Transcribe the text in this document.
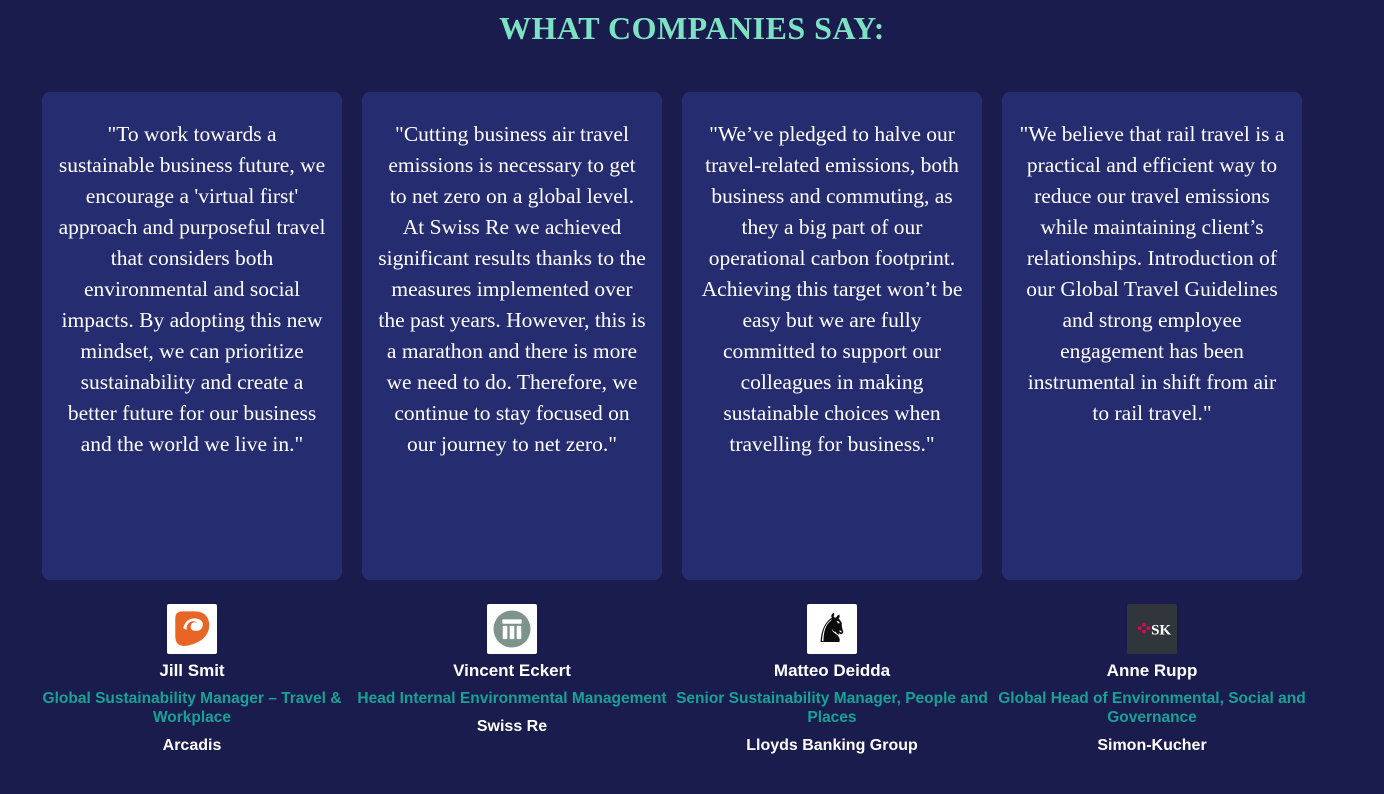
WHAT COMPANIES SAY:

"To work towards a sustainable business future, we encourage a 'virtual first' approach and purposeful travel that considers both environmental and social impacts. By adopting this new mindset, we can prioritize sustainability and create a better future for our business and the world we live in."

"Cutting business air travel emissions is necessary to get to net zero on a global level. At Swiss Re we achieved significant results thanks to the measures implemented over the past years. However, this is a marathon and there is more we need to do. Therefore, we continue to stay focused on our journey to net zero."

"We’ve pledged to halve our travel-related emissions, both business and commuting, as they a big part of our operational carbon footprint. Achieving this target won’t be easy but we are fully committed to support our colleagues in making sustainable choices when travelling for business."

"We believe that rail travel is a practical and efficient way to reduce our travel emissions while maintaining client’s relationships. Introduction of our Global Travel Guidelines and strong employee engagement has been instrumental in shift from air to rail travel."

Jill Smit
Global Sustainability Manager – Travel & Workplace
Arcadis
Vincent Eckert
Head Internal Environmental Management
Swiss Re
♞
Matteo Deidda
Senior Sustainability Manager, People and Places
Lloyds Banking Group
SK
Anne Rupp
Global Head of Environmental, Social and Governance
Simon-Kucher
